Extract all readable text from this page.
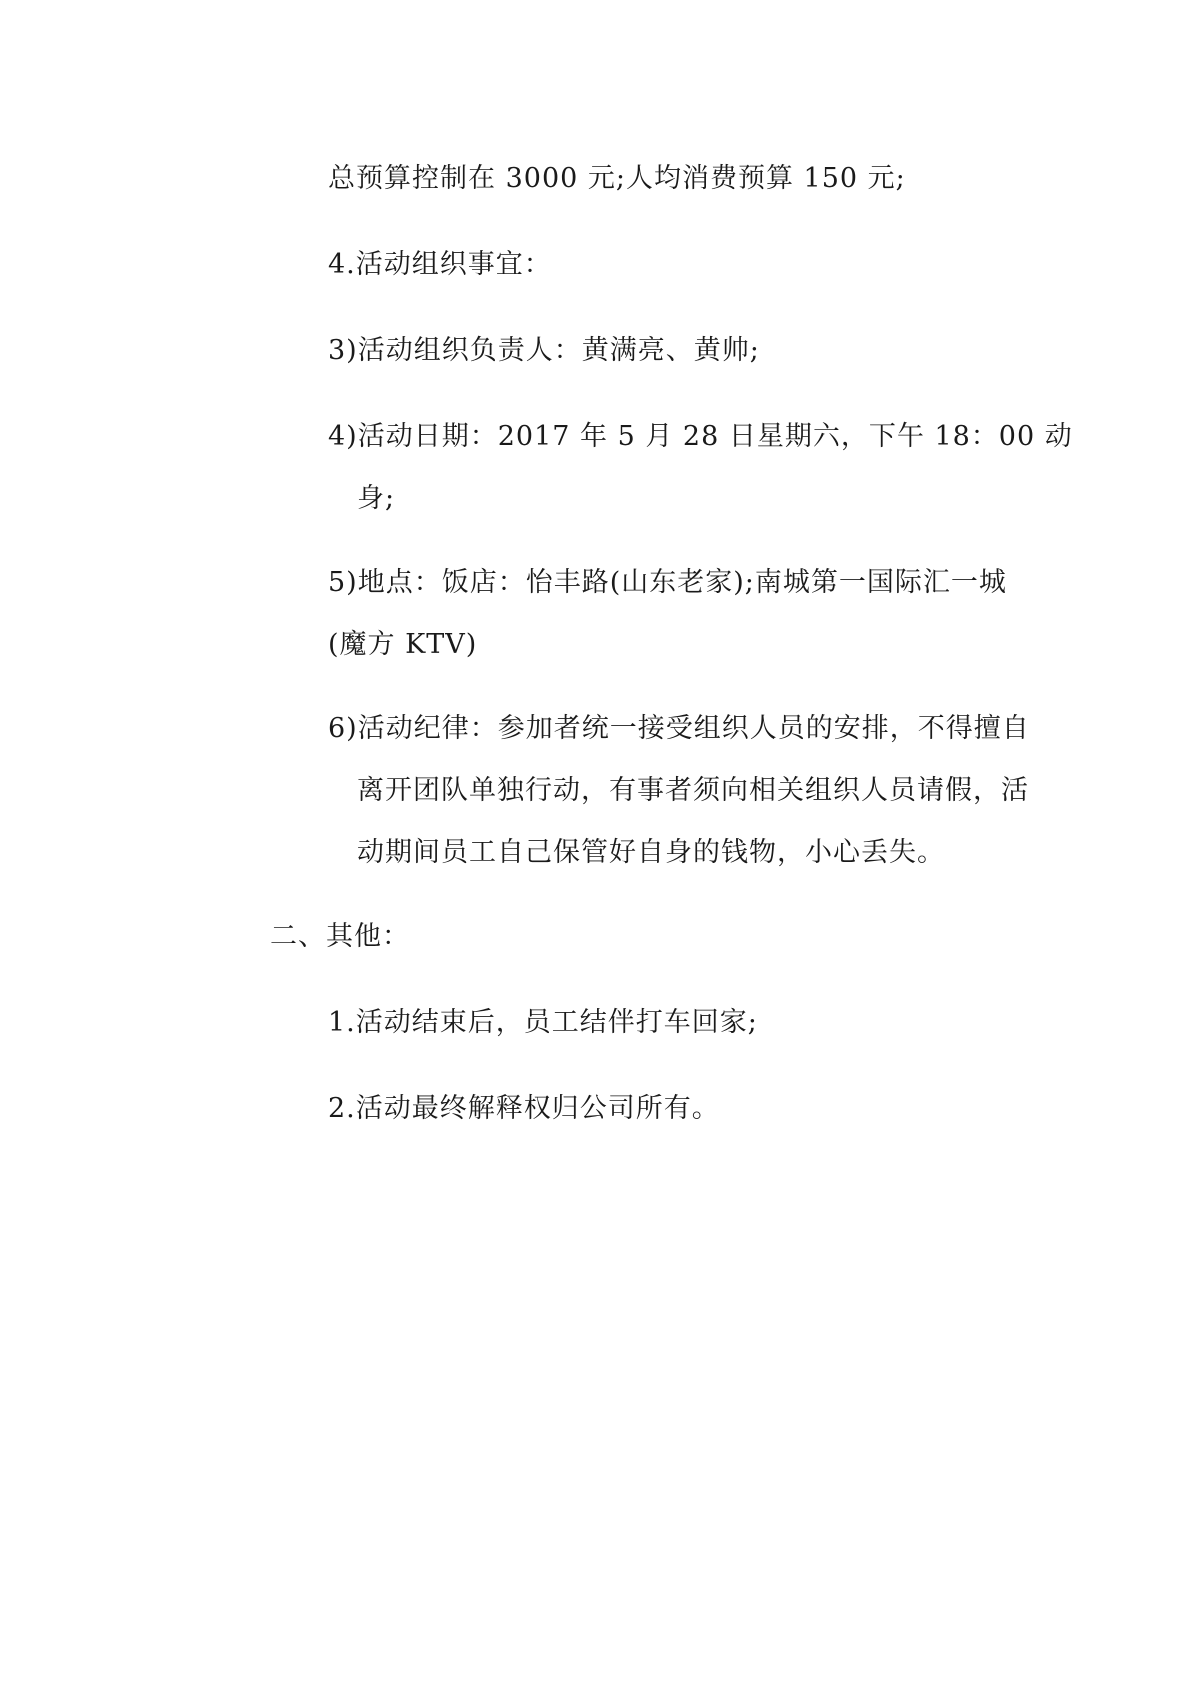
总预算控制在 3000 元;人均消费预算 150 元;
4.活动组织事宜：
3)活动组织负责人：黄满亮、黄帅;
4)活动日期：2017 年 5 月 28 日星期六，下午 18：00 动
身;
5)地点：饭店：怡丰路(山东老家);南城第一国际汇一城
(魔方 KTV)
6)活动纪律：参加者统一接受组织人员的安排，不得擅自
离开团队单独行动，有事者须向相关组织人员请假，活
动期间员工自己保管好自身的钱物，小心丢失。
二、其他：
1.活动结束后，员工结伴打车回家;
2.活动最终解释权归公司所有。
